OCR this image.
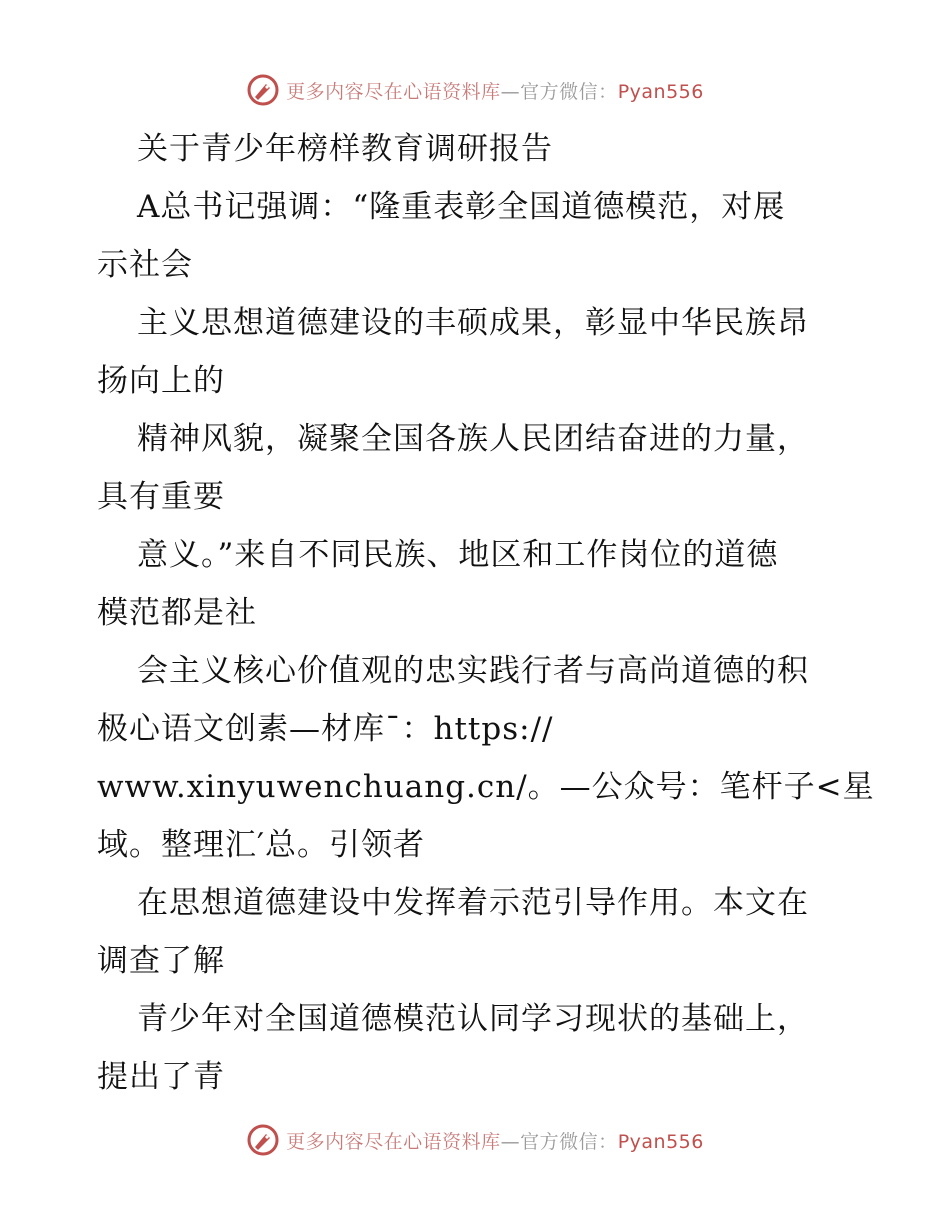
更多内容尽在心语资料库—官方微信：Pyan556
关于青少年榜样教育调研报告
A总书记强调：“隆重表彰全国道德模范，对展
示社会
主义思想道德建设的丰硕成果，彰显中华民族昂
扬向上的
精神风貌，凝聚全国各族人民团结奋进的力量，
具有重要
意义。”来自不同民族、地区和工作岗位的道德
模范都是社
会主义核心价值观的忠实践行者与高尚道德的积
极心语文创素—材库¯：https://
www.xinyuwenchuang.cn/。—公众号：笔杆子<星
域。整理汇′总。引领者
在思想道德建设中发挥着示范引导作用。本文在
调查了解
青少年对全国道德模范认同学习现状的基础上，
提出了青
更多内容尽在心语资料库—官方微信：Pyan556
